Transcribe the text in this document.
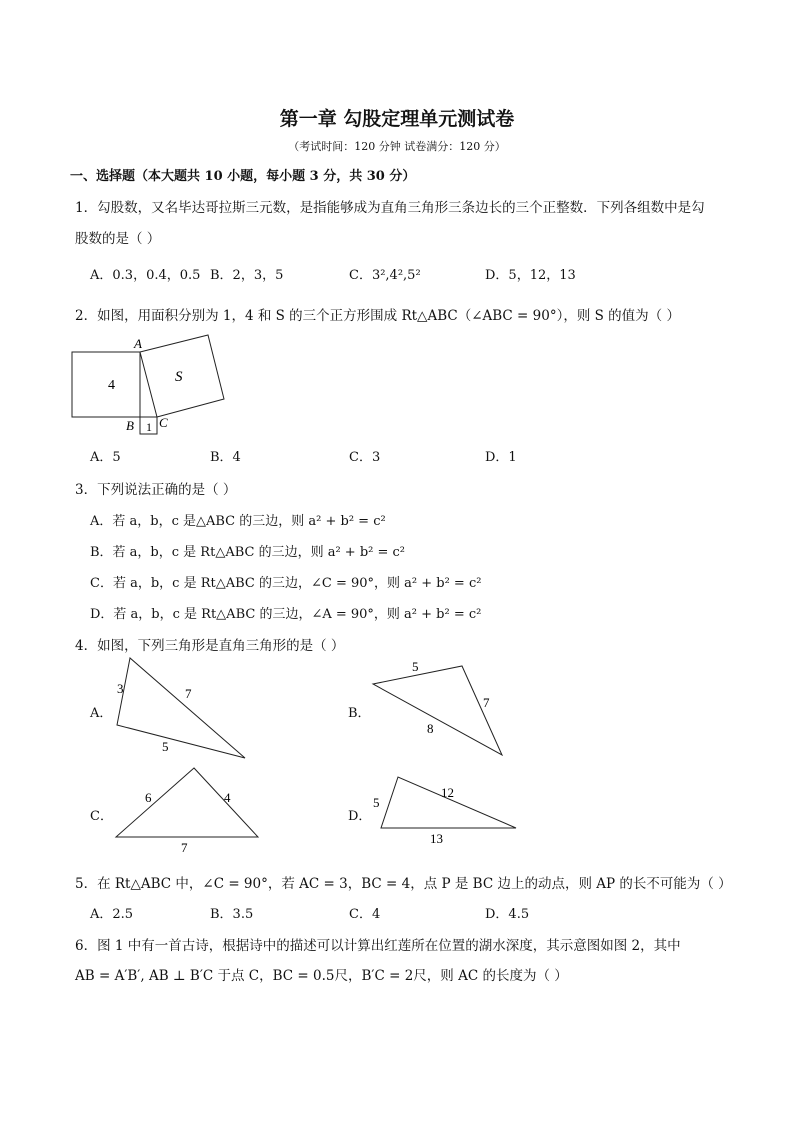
第一章 勾股定理单元测试卷
（考试时间：120 分钟 试卷满分：120 分）
一、选择题（本大题共 10 小题，每小题 3 分，共 30 分）
1．勾股数，又名毕达哥拉斯三元数，是指能够成为直角三角形三条边长的三个正整数．下列各组数中是勾
股数的是（ ）
A．0.3，0.4，0.5 B．2，3，5	C．3²,4²,5²	D．5，12，13
2．如图，用面积分别为 1，4 和 S 的三个正方形围成 Rt△ABC（∠ABC = 90°），则 S 的值为（ ）
4
S
1
A
B C
A．5	B．4	C．3	D．1
3．下列说法正确的是（ ）
A．若 a，b，c 是△ABC 的三边，则 a² + b² = c²
B．若 a，b，c 是 Rt△ABC 的三边，则 a² + b² = c²
C．若 a，b，c 是 Rt△ABC 的三边，∠C = 90°，则 a² + b² = c²
D．若 a，b，c 是 Rt△ABC 的三边，∠A = 90°，则 a² + b² = c²
4．如图，下列三角形是直角三角形的是（ ）
A．
3	7
5
B．
5
7
8
C．
6	4
7
D．
5
12
13
5．在 Rt△ABC 中，∠C = 90°，若 AC = 3，BC = 4，点 P 是 BC 边上的动点，则 AP 的长不可能为（ ）
A．2.5	B．3.5	C．4	D．4.5
6．图 1 中有一首古诗，根据诗中的描述可以计算出红莲所在位置的湖水深度，其示意图如图 2，其中
AB = A′B′, AB ⊥ B′C 于点 C，BC = 0.5尺，B′C = 2尺，则 AC 的长度为（ ）
